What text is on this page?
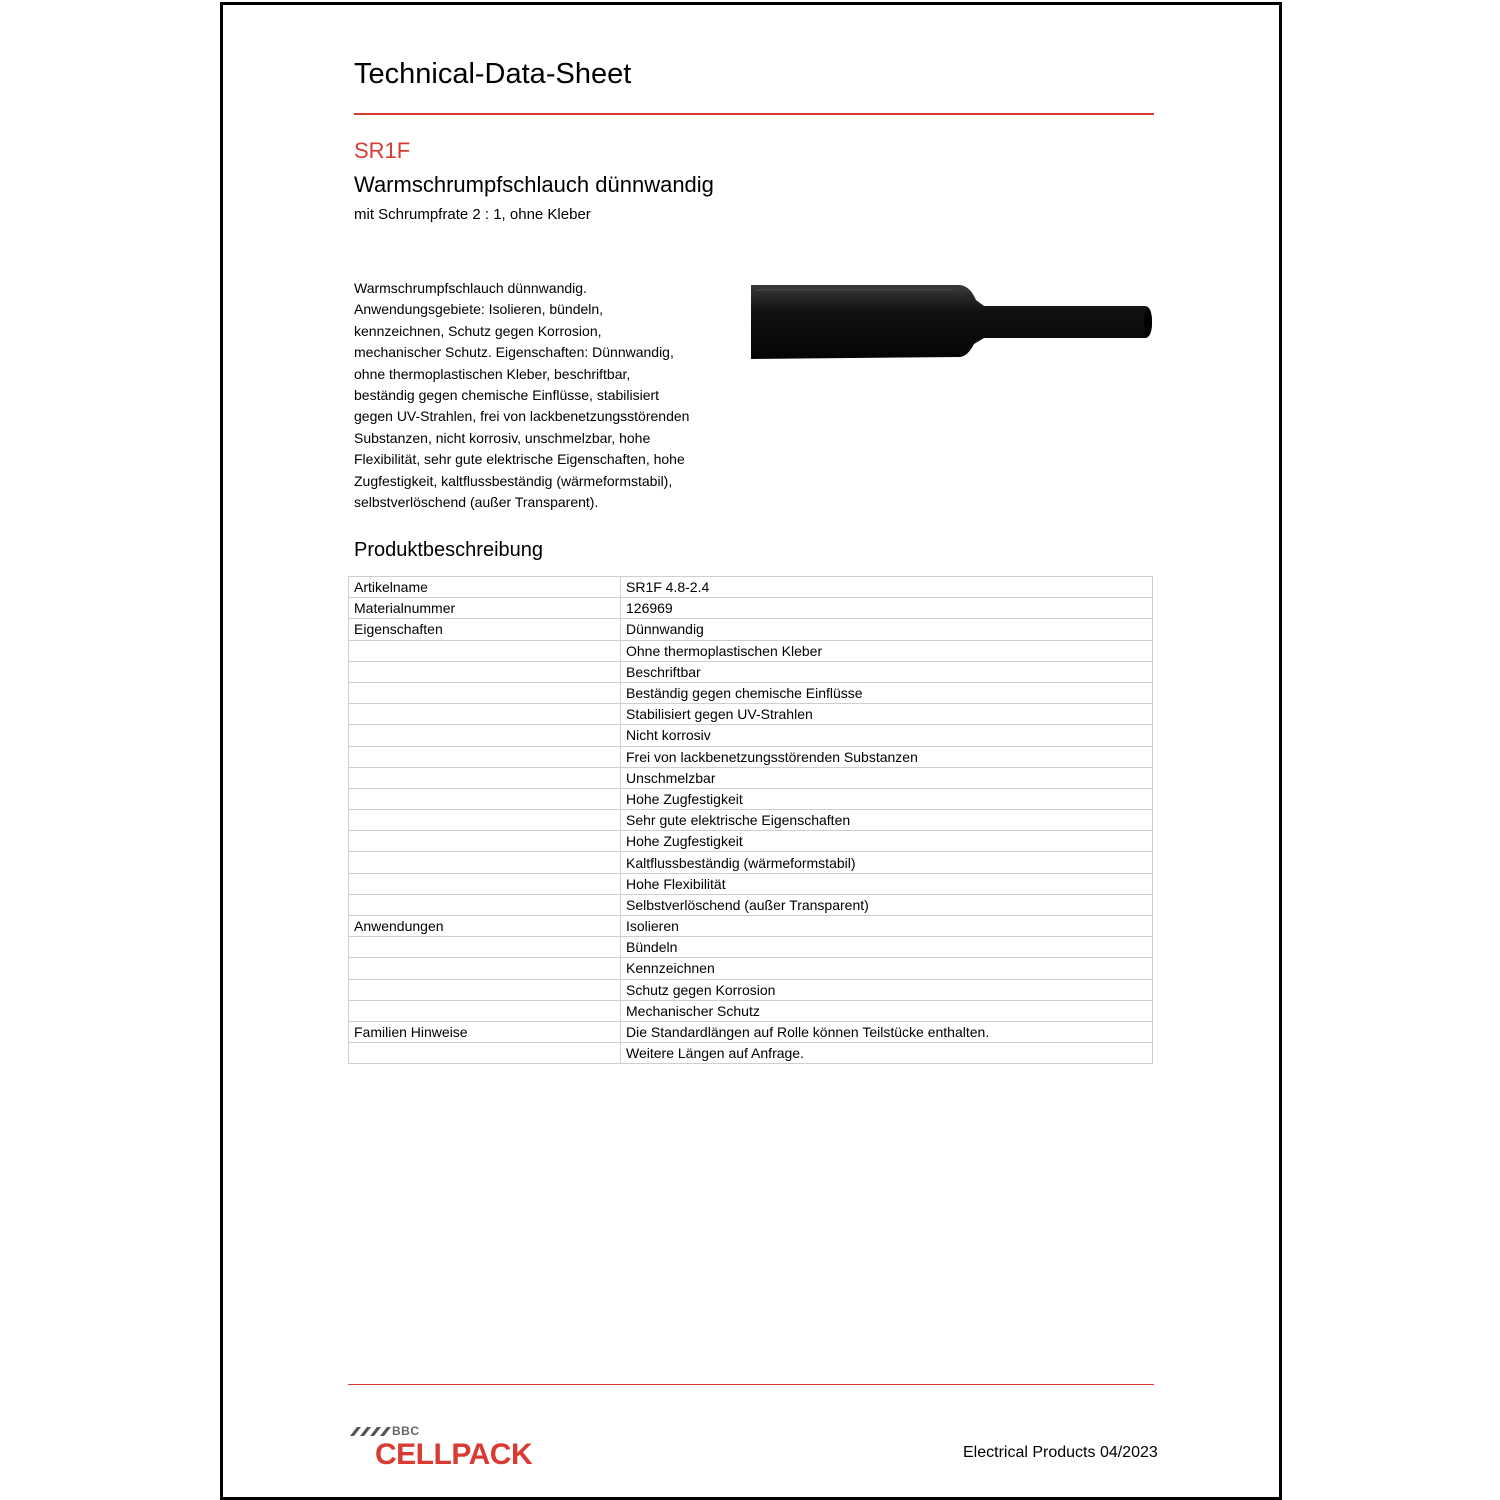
Technical-Data-Sheet
SR1F
Warmschrumpfschlauch dünnwandig
mit Schrumpfrate 2 : 1, ohne Kleber
Warmschrumpfschlauch dünnwandig.
Anwendungsgebiete: Isolieren, bündeln,
kennzeichnen, Schutz gegen Korrosion,
mechanischer Schutz. Eigenschaften: Dünnwandig,
ohne thermoplastischen Kleber, beschriftbar,
beständig gegen chemische Einflüsse, stabilisiert
gegen UV-Strahlen, frei von lackbenetzungsstörenden
Substanzen, nicht korrosiv, unschmelzbar, hohe
Flexibilität, sehr gute elektrische Eigenschaften, hohe
Zugfestigkeit, kaltflussbeständig (wärmeformstabil),
selbstverlöschend (außer Transparent).
Produktbeschreibung
Artikelname	SR1F 4.8-2.4
Materialnummer	126969
Eigenschaften	Dünnwandig
	Ohne thermoplastischen Kleber
	Beschriftbar
	Beständig gegen chemische Einflüsse
	Stabilisiert gegen UV-Strahlen
	Nicht korrosiv
	Frei von lackbenetzungsstörenden Substanzen
	Unschmelzbar
	Hohe Zugfestigkeit
	Sehr gute elektrische Eigenschaften
	Hohe Zugfestigkeit
	Kaltflussbeständig (wärmeformstabil)
	Hohe Flexibilität
	Selbstverlöschend (außer Transparent)
Anwendungen	Isolieren
	Bündeln
	Kennzeichnen
	Schutz gegen Korrosion
	Mechanischer Schutz
Familien Hinweise	Die Standardlängen auf Rolle können Teilstücke enthalten.
	Weitere Längen auf Anfrage.
BBC
CELLPACK	Electrical Products 04/2023
